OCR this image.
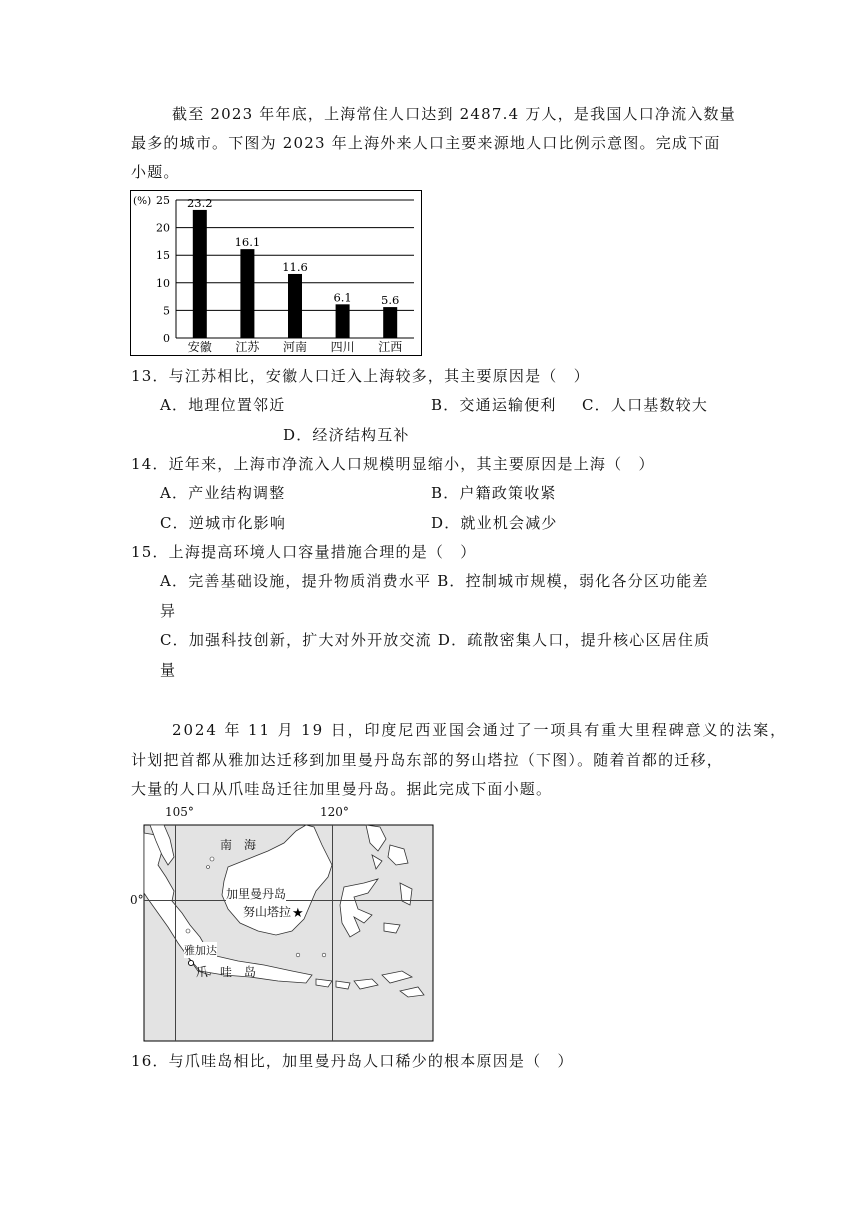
截至 2023 年年底，上海常住人口达到 2487.4 万人，是我国人口净流入数量
最多的城市。下图为 2023 年上海外来人口主要来源地人口比例示意图。完成下面
小题。
25
20
15
10
5
0
23.2
16.1
11.6
6.1	5.6
安徽 江苏 河南 四川 江西
(%)
13．与江苏相比，安徽人口迁入上海较多，其主要原因是（　）
A．地理位置邻近	B．交通运输便利 C．人口基数较大
D．经济结构互补
14．近年来，上海市净流入人口规模明显缩小，其主要原因是上海（　）
A．产业结构调整	B．户籍政策收紧
C．逆城市化影响	D．就业机会减少
15．上海提高环境人口容量措施合理的是（　）
A．完善基础设施，提升物质消费水平 B．控制城市规模，弱化各分区功能差
异
C．加强科技创新，扩大对外开放交流 D．疏散密集人口，提升核心区居住质
量
2024 年 11 月 19 日，印度尼西亚国会通过了一项具有重大里程碑意义的法案，
计划把首都从雅加达迁移到加里曼丹岛东部的努山塔拉（下图）。随着首都的迁移，
大量的人口从爪哇岛迁往加里曼丹岛。据此完成下面小题。
★
105°	120°
0°
南　海
加里曼丹岛
努山塔拉
雅加达
爪　哇　岛
16．与爪哇岛相比，加里曼丹岛人口稀少的根本原因是（　）
